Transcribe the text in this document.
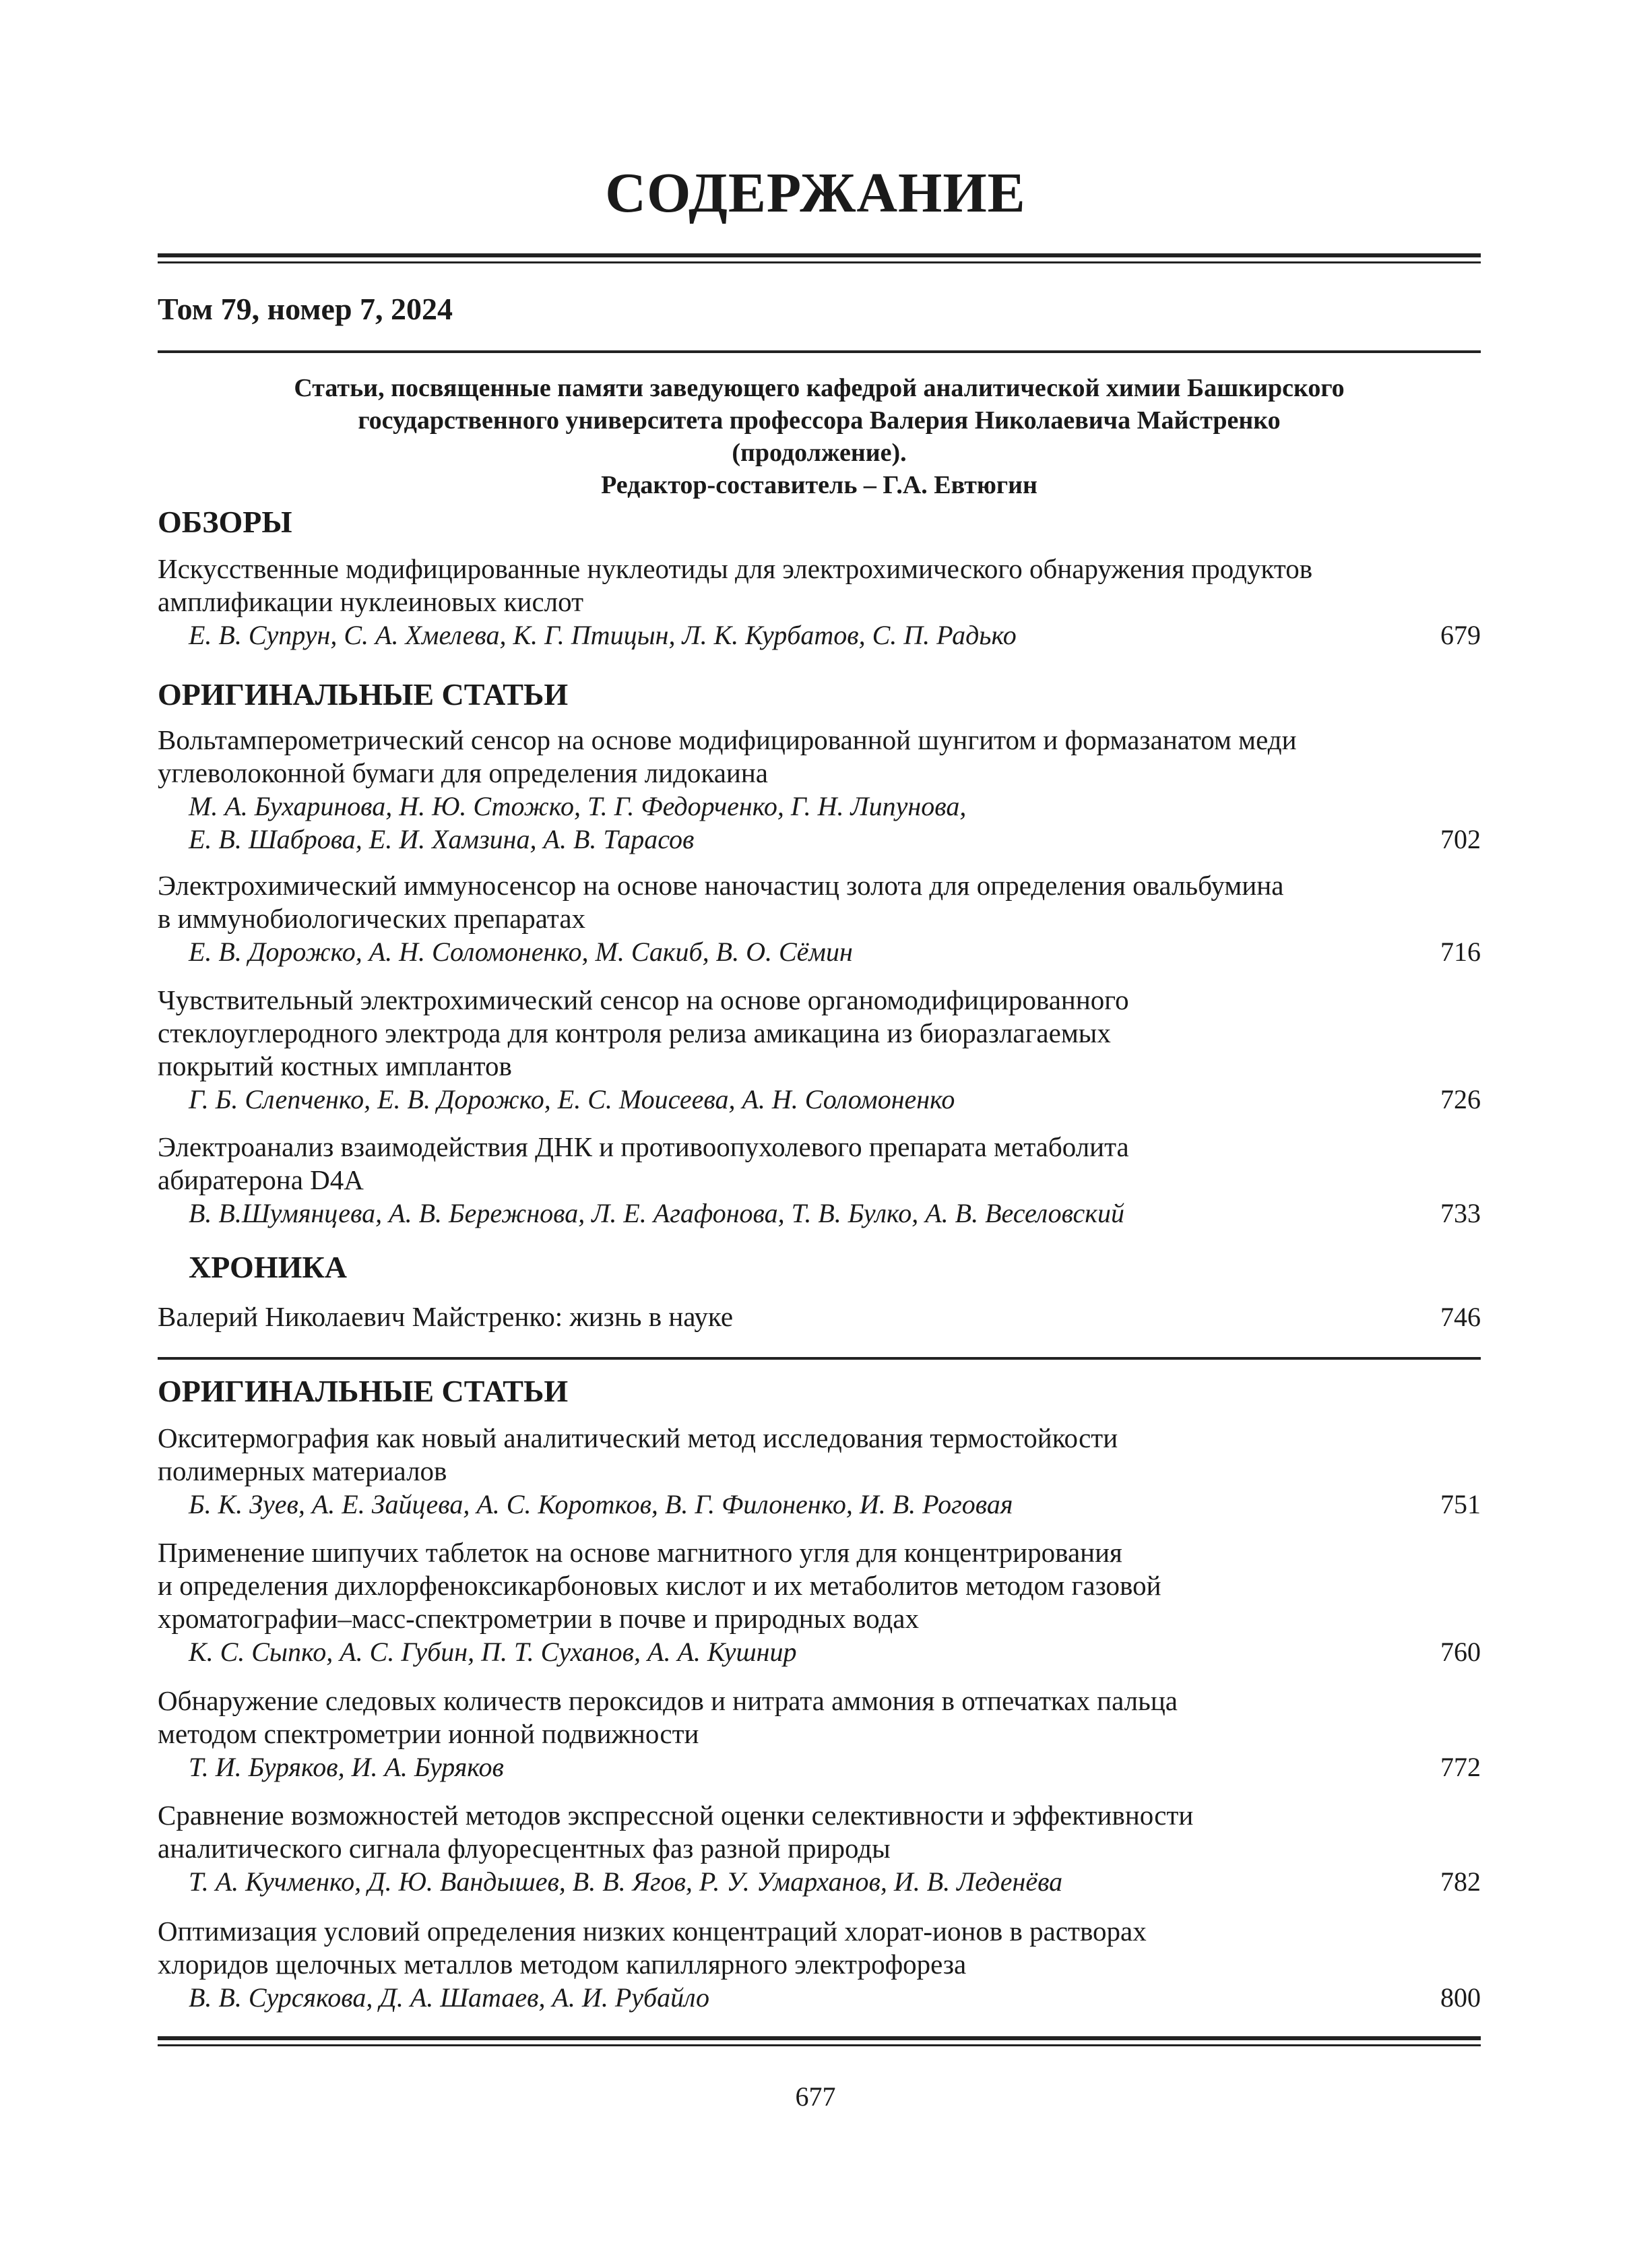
СОДЕРЖАНИЕ
Том 79, номер 7, 2024
Статьи, посвященные памяти заведующего кафедрой аналитической химии Башкирского
государственного университета профессора Валерия Николаевича Майстренко
(продолжение).
Редактор-составитель – Г.А. Евтюгин
ОБЗОРЫ
Искусственные модифицированные нуклеотиды для электрохимического обнаружения продуктов
амплификации нуклеиновых кислот
Е. В. Супрун, С. А. Хмелева, К. Г. Птицын, Л. К. Курбатов, С. П. Радько	679
ОРИГИНАЛЬНЫЕ СТАТЬИ
Вольтамперометрический сенсор на основе модифицированной шунгитом и формазанатом меди
углеволоконной бумаги для определения лидокаина
М. А. Бухаринова, Н. Ю. Стожко, Т. Г. Федорченко, Г. Н. Липунова,
Е. В. Шаброва, Е. И. Хамзина, А. В. Тарасов	702
Электрохимический иммуносенсор на основе наночастиц золота для определения овальбумина
в иммунобиологических препаратах
Е. В. Дорожко, А. Н. Соломоненко, М. Сакиб, В. О. Сёмин	716
Чувствительный электрохимический сенсор на основе органомодифицированного
стеклоуглеродного электрода для контроля релиза амикацина из биоразлагаемых
покрытий костных имплантов
Г. Б. Слепченко, Е. В. Дорожко, Е. С. Моисеева, А. Н. Соломоненко	726
Электроанализ взаимодействия ДНК и противоопухолевого препарата метаболита
абиратерона D4A
В. В.Шумянцева, А. В. Бережнова, Л. Е. Агафонова, Т. В. Булко, А. В. Веселовский	733
ХРОНИКА
Валерий Николаевич Майстренко: жизнь в науке	746
ОРИГИНАЛЬНЫЕ СТАТЬИ
Окситермография как новый аналитический метод исследования термостойкости
полимерных материалов
Б. К. Зуев, А. Е. Зайцева, А. С. Коротков, В. Г. Филоненко, И. В. Роговая	751
Применение шипучих таблеток на основе магнитного угля для концентрирования
и определения дихлорфеноксикарбоновых кислот и их метаболитов методом газовой
хроматографии–масс-спектрометрии в почве и природных водах
К. С. Сыпко, А. С. Губин, П. Т. Суханов, А. А. Кушнир	760
Обнаружение следовых количеств пероксидов и нитрата аммония в отпечатках пальца
методом спектрометрии ионной подвижности
Т. И. Буряков, И. А. Буряков	772
Сравнение возможностей методов экспрессной оценки селективности и эффективности
аналитического сигнала флуоресцентных фаз разной природы
Т. А. Кучменко, Д. Ю. Вандышев, В. В. Ягов, Р. У. Умарханов, И. В. Леденёва	782
Оптимизация условий определения низких концентраций хлорат-ионов в растворах
хлоридов щелочных металлов методом капиллярного электрофореза
В. В. Сурсякова, Д. А. Шатаев, А. И. Рубайло	800
677
